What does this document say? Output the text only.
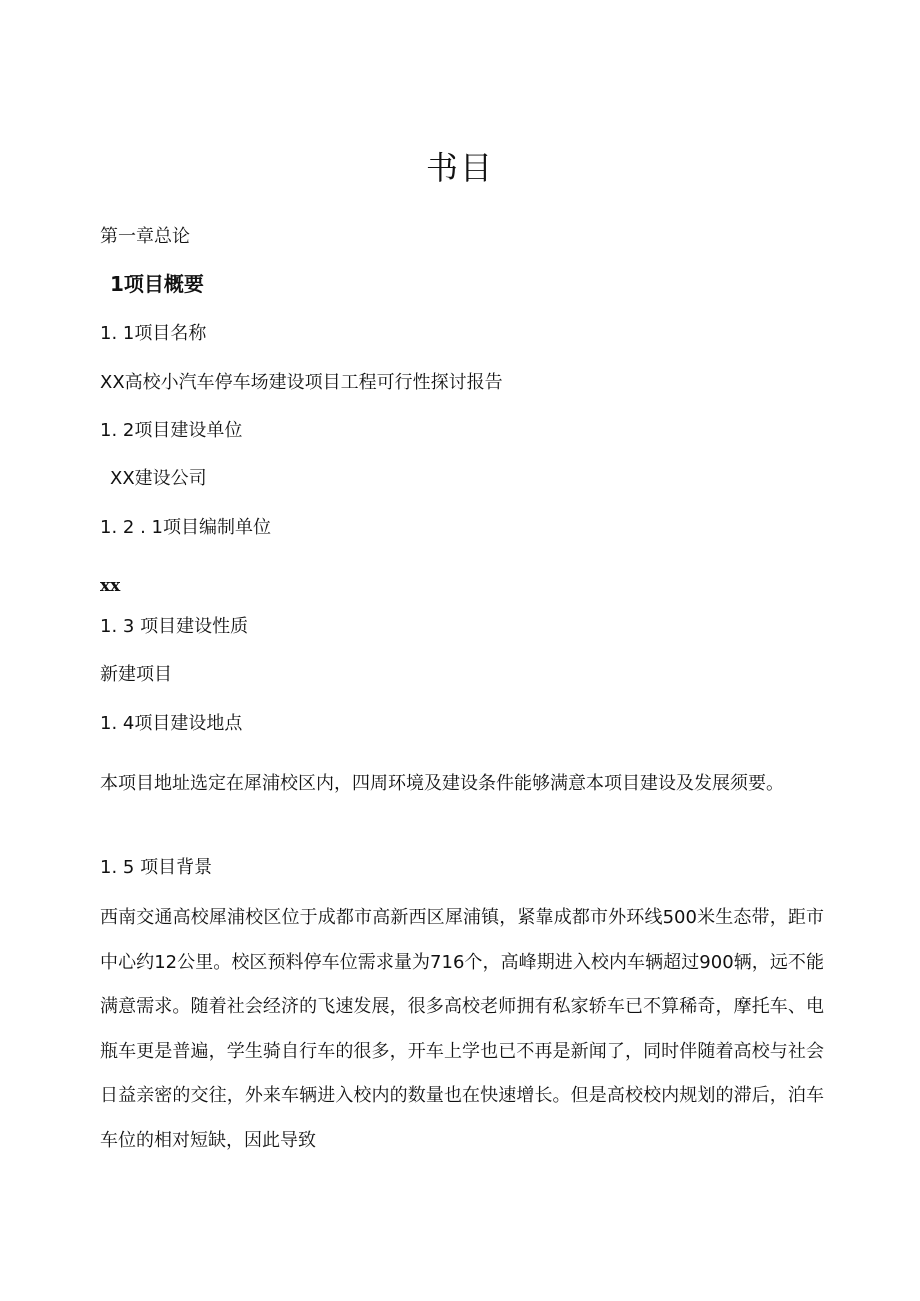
书目
第一章总论
1项目概要
1. 1项目名称
XX高校小汽车停车场建设项目工程可行性探讨报告
1. 2项目建设单位
XX建设公司
1. 2 . 1项目编制单位
xx
1. 3 项目建设性质
新建项目
1. 4项目建设地点
本项目地址选定在犀浦校区内，四周环境及建设条件能够满意本项目建设及发展须要。
1. 5 项目背景
西南交通高校犀浦校区位于成都市高新西区犀浦镇，紧靠成都市外环线500米生态带，距市中心约12公里。校区预料停车位需求量为716个，高峰期进入校内车辆超过900辆，远不能满意需求。随着社会经济的飞速发展，很多高校老师拥有私家轿车已不算稀奇，摩托车、电瓶车更是普遍，学生骑自行车的很多，开车上学也已不再是新闻了，同时伴随着高校与社会日益亲密的交往，外来车辆进入校内的数量也在快速增长。但是高校校内规划的滞后，泊车车位的相对短缺，因此导致
